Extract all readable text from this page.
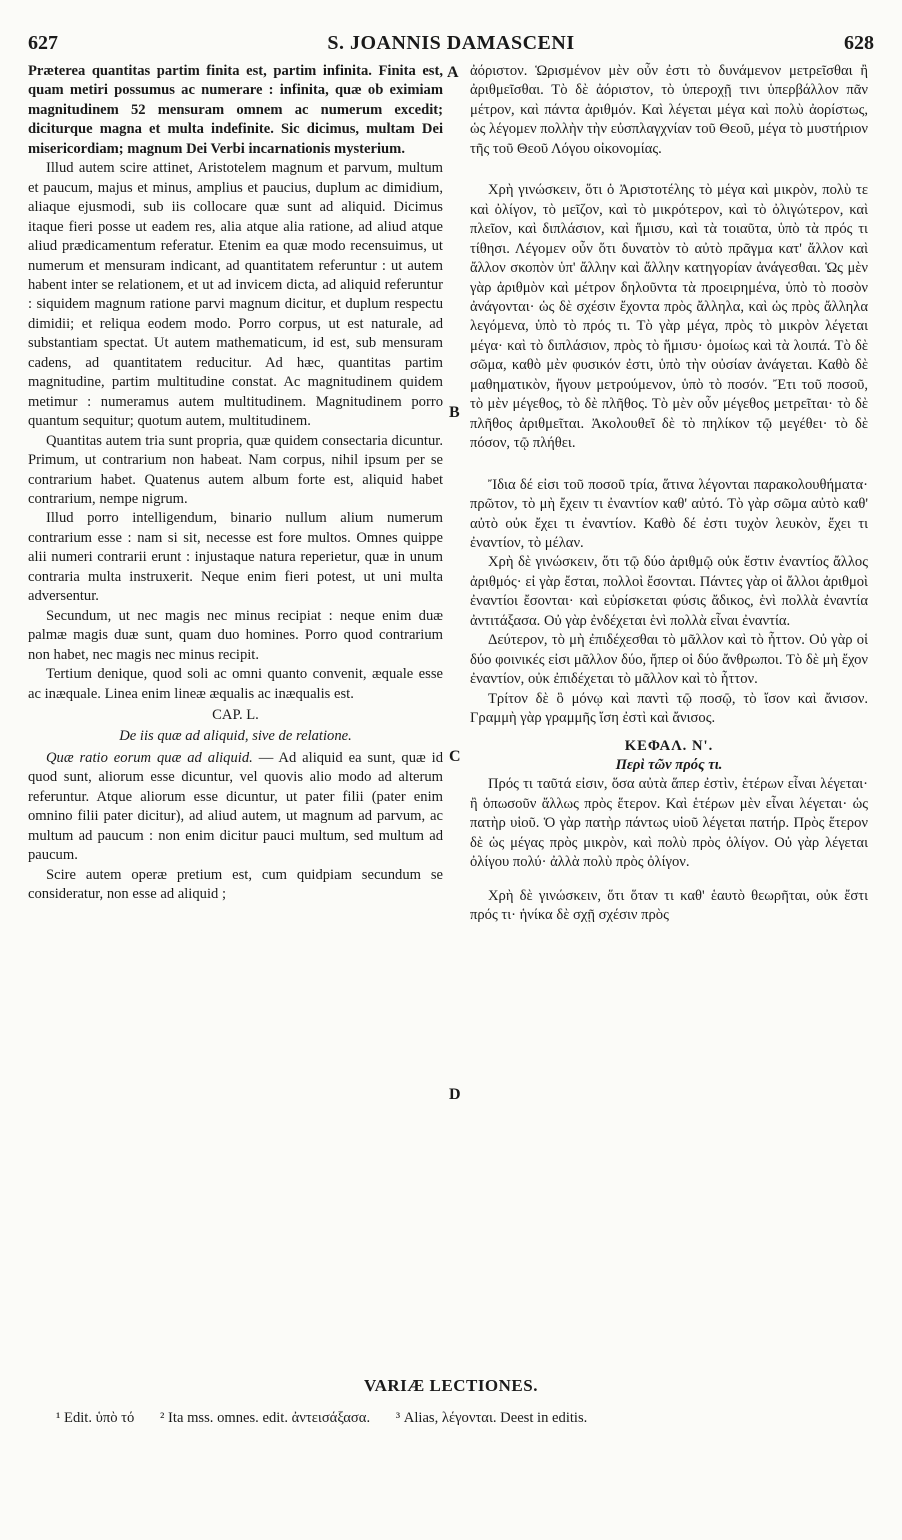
627	S. JOANNIS DAMASCENI	628
A
B
C
D

Præterea quantitas partim finita est, partim infinita. Finita est, quam metiri possumus ac numerare : infinita, quæ ob eximiam magnitudinem 52 mensuram omnem ac numerum excedit; diciturque magna et multa indefinite. Sic dicimus, multam Dei misericordiam; magnum Dei Verbi incarnationis mysterium.

Illud autem scire attinet, Aristotelem magnum et parvum, multum et paucum, majus et minus, amplius et paucius, duplum ac dimidium, aliaque ejusmodi, sub iis collocare quæ sunt ad aliquid. Dicimus itaque fieri posse ut eadem res, alia atque alia ratione, ad aliud atque aliud prædicamentum referatur. Etenim ea quæ modo recensuimus, ut numerum et mensuram indicant, ad quantitatem referuntur : ut autem habent inter se relationem, et ut ad invicem dicta, ad aliquid referuntur : siquidem magnum ratione parvi magnum dicitur, et duplum respectu dimidii; et reliqua eodem modo. Porro corpus, ut est naturale, ad substantiam spectat. Ut autem mathematicum, id est, sub mensuram cadens, ad quantitatem reducitur. Ad hæc, quantitas partim magnitudine, partim multitudine constat. Ac magnitudinem quidem metimur : numeramus autem multitudinem. Magnitudinem porro quantum sequitur; quotum autem, multitudinem.

Quantitas autem tria sunt propria, quæ quidem consectaria dicuntur. Primum, ut contrarium non habeat. Nam corpus, nihil ipsum per se contrarium habet. Quatenus autem album forte est, aliquid habet contrarium, nempe nigrum.

Illud porro intelligendum, binario nullum alium numerum contrarium esse : nam si sit, necesse est fore multos. Omnes quippe alii numeri contrarii erunt : injustaque natura reperietur, quæ in unum contraria multa instruxerit. Neque enim fieri potest, ut uni multa adversentur.

Secundum, ut nec magis nec minus recipiat : neque enim duæ palmæ magis duæ sunt, quam duo homines. Porro quod contrarium non habet, nec magis nec minus recipit.

Tertium denique, quod soli ac omni quanto convenit, æquale esse ac inæquale. Linea enim lineæ æqualis ac inæqualis est.

CAP. L.

De iis quæ ad aliquid, sive de relatione.

Quæ ratio eorum quæ ad aliquid. — Ad aliquid ea sunt, quæ id quod sunt, aliorum esse dicuntur, vel quovis alio modo ad alterum referuntur. Atque aliorum esse dicuntur, ut pater filii (pater enim omnino filii pater dicitur), ad aliud autem, ut magnum ad parvum, ac multum ad paucum : non enim dicitur pauci multum, sed multum ad paucum.

Scire autem operæ pretium est, cum quidpiam secundum se consideratur, non esse ad aliquid ;

ἀόριστον. Ὡρισμένον μὲν οὖν ἐστι τὸ δυνάμενον μετρεῖσθαι ἢ ἀριθμεῖσθαι. Τὸ δὲ ἀόριστον, τὸ ὑπεροχῇ τινι ὑπερβάλλον πᾶν μέτρον, καὶ πάντα ἀριθμόν. Καὶ λέγεται μέγα καὶ πολὺ ἀορίστως, ὡς λέγομεν πολλὴν τὴν εὐσπλαγχνίαν τοῦ Θεοῦ, μέγα τὸ μυστήριον τῆς τοῦ Θεοῦ Λόγου οἰκονομίας.

Χρὴ γινώσκειν, ὅτι ὁ Ἀριστοτέλης τὸ μέγα καὶ μικρὸν, πολὺ τε καὶ ὀλίγον, τὸ μεῖζον, καὶ τὸ μικρότερον, καὶ τὸ ὀλιγώτερον, καὶ πλεῖον, καὶ διπλάσιον, καὶ ἥμισυ, καὶ τὰ τοιαῦτα, ὑπὸ τὰ πρός τι τίθησι. Λέγομεν οὖν ὅτι δυνατὸν τὸ αὐτὸ πρᾶγμα κατ' ἄλλον καὶ ἄλλον σκοπὸν ὑπ' ἄλλην καὶ ἄλλην κατηγορίαν ἀνάγεσθαι. Ὡς μὲν γὰρ ἀριθμὸν καὶ μέτρον δηλοῦντα τὰ προειρημένα, ὑπὸ τὸ ποσὸν ἀνάγονται· ὡς δὲ σχέσιν ἔχοντα πρὸς ἄλληλα, καὶ ὡς πρὸς ἄλληλα λεγόμενα, ὑπὸ τὸ πρός τι. Τὸ γὰρ μέγα, πρὸς τὸ μικρὸν λέγεται μέγα· καὶ τὸ διπλάσιον, πρὸς τὸ ἥμισυ· ὁμοίως καὶ τὰ λοιπά. Τὸ δὲ σῶμα, καθὸ μὲν φυσικόν ἐστι, ὑπὸ τὴν οὐσίαν ἀνάγεται. Καθὸ δὲ μαθηματικὸν, ἤγουν μετρούμενον, ὑπὸ τὸ ποσόν. Ἔτι τοῦ ποσοῦ, τὸ μὲν μέγεθος, τὸ δὲ πλῆθος. Τὸ μὲν οὖν μέγεθος μετρεῖται· τὸ δὲ πλῆθος ἀριθμεῖται. Ἀκολουθεῖ δὲ τὸ πηλίκον τῷ μεγέθει· τὸ δὲ πόσον, τῷ πλήθει.

Ἴδια δέ εἰσι τοῦ ποσοῦ τρία, ἅτινα λέγονται παρακολουθήματα· πρῶτον, τὸ μὴ ἔχειν τι ἐναντίον καθ' αὐτό. Τὸ γὰρ σῶμα αὐτὸ καθ' αὐτὸ οὐκ ἔχει τι ἐναντίον. Καθὸ δέ ἐστι τυχὸν λευκὸν, ἔχει τι ἐναντίον, τὸ μέλαν.

Χρὴ δὲ γινώσκειν, ὅτι τῷ δύο ἀριθμῷ οὐκ ἔστιν ἐναντίος ἄλλος ἀριθμός· εἰ γὰρ ἔσται, πολλοὶ ἔσονται. Πάντες γὰρ οἱ ἄλλοι ἀριθμοὶ ἐναντίοι ἔσονται· καὶ εὑρίσκεται φύσις ἄδικος, ἑνὶ πολλὰ ἐναντία ἀντιτάξασα. Οὐ γὰρ ἐνδέχεται ἑνὶ πολλὰ εἶναι ἐναντία.

Δεύτερον, τὸ μὴ ἐπιδέχεσθαι τὸ μᾶλλον καὶ τὸ ἧττον. Οὐ γὰρ οἱ δύο φοινικές εἰσι μᾶλλον δύο, ἤπερ οἱ δύο ἄνθρωποι. Τὸ δὲ μὴ ἔχον ἐναντίον, οὐκ ἐπιδέχεται τὸ μᾶλλον καὶ τὸ ἧττον.

Τρίτον δὲ ὃ μόνῳ καὶ παντὶ τῷ ποσῷ, τὸ ἴσον καὶ ἄνισον. Γραμμὴ γὰρ γραμμῆς ἴση ἐστὶ καὶ ἄνισος.

ΚΕΦΑΛ. Ν'.

Περὶ τῶν πρός τι.

Πρός τι ταῦτά εἰσιν, ὅσα αὐτὰ ἅπερ ἐστὶν, ἑτέρων εἶναι λέγεται· ἢ ὁπωσοῦν ἄλλως πρὸς ἕτερον. Καὶ ἑτέρων μὲν εἶναι λέγεται· ὡς πατὴρ υἱοῦ. Ὁ γὰρ πατὴρ πάντως υἱοῦ λέγεται πατήρ. Πρὸς ἕτερον δὲ ὡς μέγας πρὸς μικρὸν, καὶ πολὺ πρὸς ὀλίγον. Οὐ γὰρ λέγεται ὀλίγου πολύ· ἀλλὰ πολὺ πρὸς ὀλίγον.

Χρὴ δὲ γινώσκειν, ὅτι ὅταν τι καθ' ἑαυτὸ θεωρῆται, οὐκ ἔστι πρός τι· ἡνίκα δὲ σχῇ σχέσιν πρὸς

VARIÆ LECTIONES.
¹ Edit. ὑπὸ τό ² Ita mss. omnes. edit. ἀντεισάξασα. ³ Alias, λέγονται. Deest in editis.
